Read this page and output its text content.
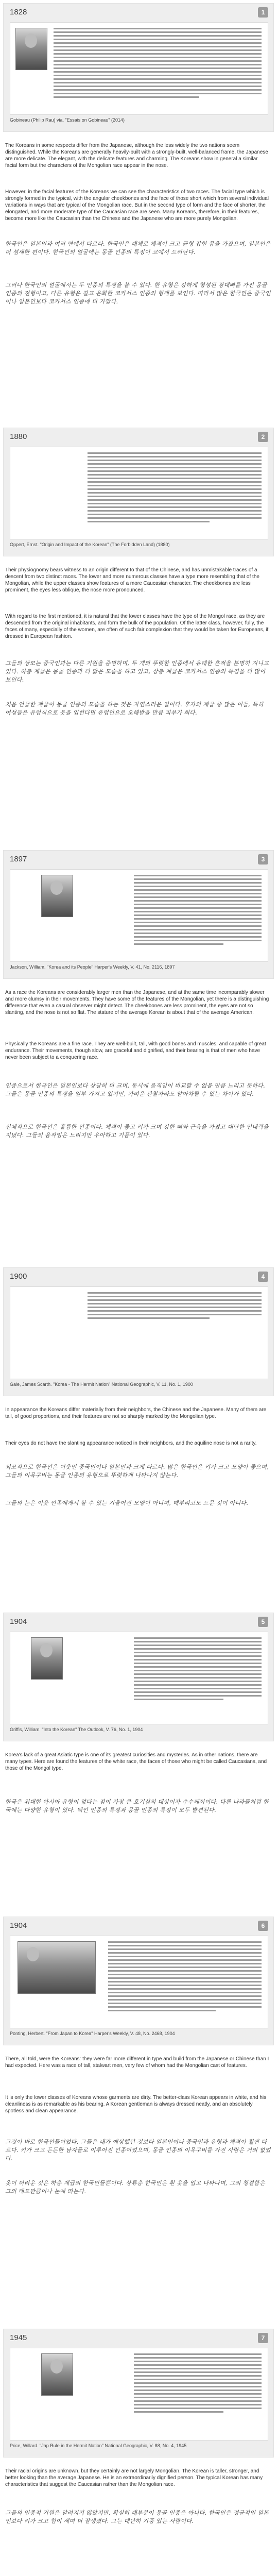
1828	1
Gobineau (Philip Rau) via, "Essais on Gobineau" (2014)

The Koreans in some respects differ from the Japanese, although the less widely the two nations seem distinguished. While the Koreans are generally heavily-built with a strongly-built, well-balanced frame, the Japanese are more delicate. The elegant, with the delicate features and charming. The Koreans show in general a similar facial form but the characters of the Mongolian race appear in the nose.

However, in the facial features of the Koreans we can see the characteristics of two races. The facial type which is strongly formed in the typical, with the angular cheekbones and the face of those short which from several individual variations in ways that are typical of the Mongolian race. But in the second type of form and the face of shorter, the elongated, and more moderate type of the Caucasian race are seen. Many Koreans, therefore, in their features, become more like the Caucasian than the Chinese and the Japanese who are more purely Mongolian.

한국인은 일본인과 여러 면에서 다르다. 한국인은 대체로 체격이 크고 균형 잡힌 몸을 가졌으며, 일본인은 더 섬세한 편이다. 한국인의 얼굴에는 몽골 인종의 특징이 코에서 드러난다.

그러나 한국인의 얼굴에서는 두 인종의 특징을 볼 수 있다. 한 유형은 강하게 형성된 광대뼈를 가진 몽골 인종의 전형이고, 다른 유형은 길고 온화한 코카서스 인종의 형태를 보인다. 따라서 많은 한국인은 중국인이나 일본인보다 코카서스 인종에 더 가깝다.

1880	2
Oppert, Ernst. "Origin and Impact of the Korean" (The Forbidden Land) (1880)

Their physiognomy bears witness to an origin different to that of the Chinese, and has unmistakable traces of a descent from two distinct races. The lower and more numerous classes have a type more resembling that of the Mongolian, while the upper classes show features of a more Caucasian character. The cheekbones are less prominent, the eyes less oblique, the nose more pronounced.

With regard to the first mentioned, it is natural that the lower classes have the type of the Mongol race, as they are descended from the original inhabitants, and form the bulk of the population. Of the latter class, however, fully, the faces of many, especially of the women, are often of such fair complexion that they would be taken for Europeans, if dressed in European fashion.

그들의 상모는 중국인과는 다른 기원을 증명하며, 두 개의 뚜렷한 인종에서 유래한 흔적을 분명히 지니고 있다. 하층 계급은 몽골 인종과 더 닮은 모습을 하고 있고, 상층 계급은 코카서스 인종의 특징을 더 많이 보인다.

처음 언급한 계급이 몽골 인종의 모습을 하는 것은 자연스러운 일이다. 후자의 계급 중 많은 이들, 특히 여성들은 유럽식으로 옷을 입힌다면 유럽인으로 오해받을 만큼 피부가 희다.

1897	3
Jackson, William. "Korea and its People" Harper's Weekly, V. 41, No. 2116, 1897

As a race the Koreans are considerably larger men than the Japanese, and at the same time incomparably slower and more clumsy in their movements. They have some of the features of the Mongolian, yet there is a distinguishing difference that even a casual observer might detect. The cheekbones are less prominent, the eyes are not so slanting, and the nose is not so flat. The stature of the average Korean is about that of the average American.

Physically the Koreans are a fine race. They are well-built, tall, with good bones and muscles, and capable of great endurance. Their movements, though slow, are graceful and dignified, and their bearing is that of men who have never been subject to a conquering race.

인종으로서 한국인은 일본인보다 상당히 더 크며, 동시에 움직임이 비교할 수 없을 만큼 느리고 둔하다. 그들은 몽골 인종의 특징을 일부 가지고 있지만, 가벼운 관찰자라도 알아차릴 수 있는 차이가 있다.

신체적으로 한국인은 훌륭한 인종이다. 체격이 좋고 키가 크며 강한 뼈와 근육을 가졌고 대단한 인내력을 지녔다. 그들의 움직임은 느리지만 우아하고 기품이 있다.

1900	4
Gale, James Scarth. "Korea - The Hermit Nation" National Geographic, V. 11, No. 1, 1900

In appearance the Koreans differ materially from their neighbors, the Chinese and the Japanese. Many of them are tall, of good proportions, and their features are not so sharply marked by the Mongolian type.

Their eyes do not have the slanting appearance noticed in their neighbors, and the aquiline nose is not a rarity.

외모적으로 한국인은 이웃인 중국인이나 일본인과 크게 다르다. 많은 한국인은 키가 크고 모양이 좋으며, 그들의 이목구비는 몽골 인종의 유형으로 뚜렷하게 나타나지 않는다.

그들의 눈은 이웃 민족에게서 볼 수 있는 기울어진 모양이 아니며, 매부리코도 드문 것이 아니다.

1904	5
Griffis, William. "Into the Korean" The Outlook, V. 76, No. 1, 1904

Korea's lack of a great Asiatic type is one of its greatest curiosities and mysteries. As in other nations, there are many types. Here are found the features of the white race, the faces of those who might be called Caucasians, and those of the Mongol type.

한국은 위대한 아시아 유형이 없다는 점이 가장 큰 호기심의 대상이자 수수께끼이다. 다른 나라들처럼 한국에는 다양한 유형이 있다. 백인 인종의 특징과 몽골 인종의 특징이 모두 발견된다.

1904	6
Ponting, Herbert. "From Japan to Korea" Harper's Weekly, V. 48, No. 2468, 1904

There, all told, were the Koreans: they were far more different in type and build from the Japanese or Chinese than I had expected. Here was a race of tall, stalwart men, very few of whom had the Mongolian cast of features.

It is only the lower classes of Koreans whose garments are dirty. The better-class Korean appears in white, and his cleanliness is as remarkable as his bearing. A Korean gentleman is always dressed neatly, and an absolutely spotless and clean appearance.

그것이 바로 한국인들이었다. 그들은 내가 예상했던 것보다 일본인이나 중국인과 유형과 체격이 훨씬 다르다. 키가 크고 든든한 남자들로 이루어진 인종이었으며, 몽골 인종의 이목구비를 가진 사람은 거의 없었다.

옷이 더러운 것은 하층 계급의 한국인들뿐이다. 상류층 한국인은 흰 옷을 입고 나타나며, 그의 청결함은 그의 태도만큼이나 눈에 띄는다.

1945	7
Price, Willard. "Jap Rule in the Hermit Nation" National Geographic, V. 88, No. 4, 1945

Their racial origins are unknown, but they certainly are not largely Mongolian. The Korean is taller, stronger, and better looking than the average Japanese. He is an extraordinarily dignified person. The typical Korean has many characteristics that suggest the Caucasian rather than the Mongolian race.

그들의 인종적 기원은 알려지지 않았지만, 확실히 대부분이 몽골 인종은 아니다. 한국인은 평균적인 일본인보다 키가 크고 힘이 세며 더 잘생겼다. 그는 대단히 기품 있는 사람이다.
